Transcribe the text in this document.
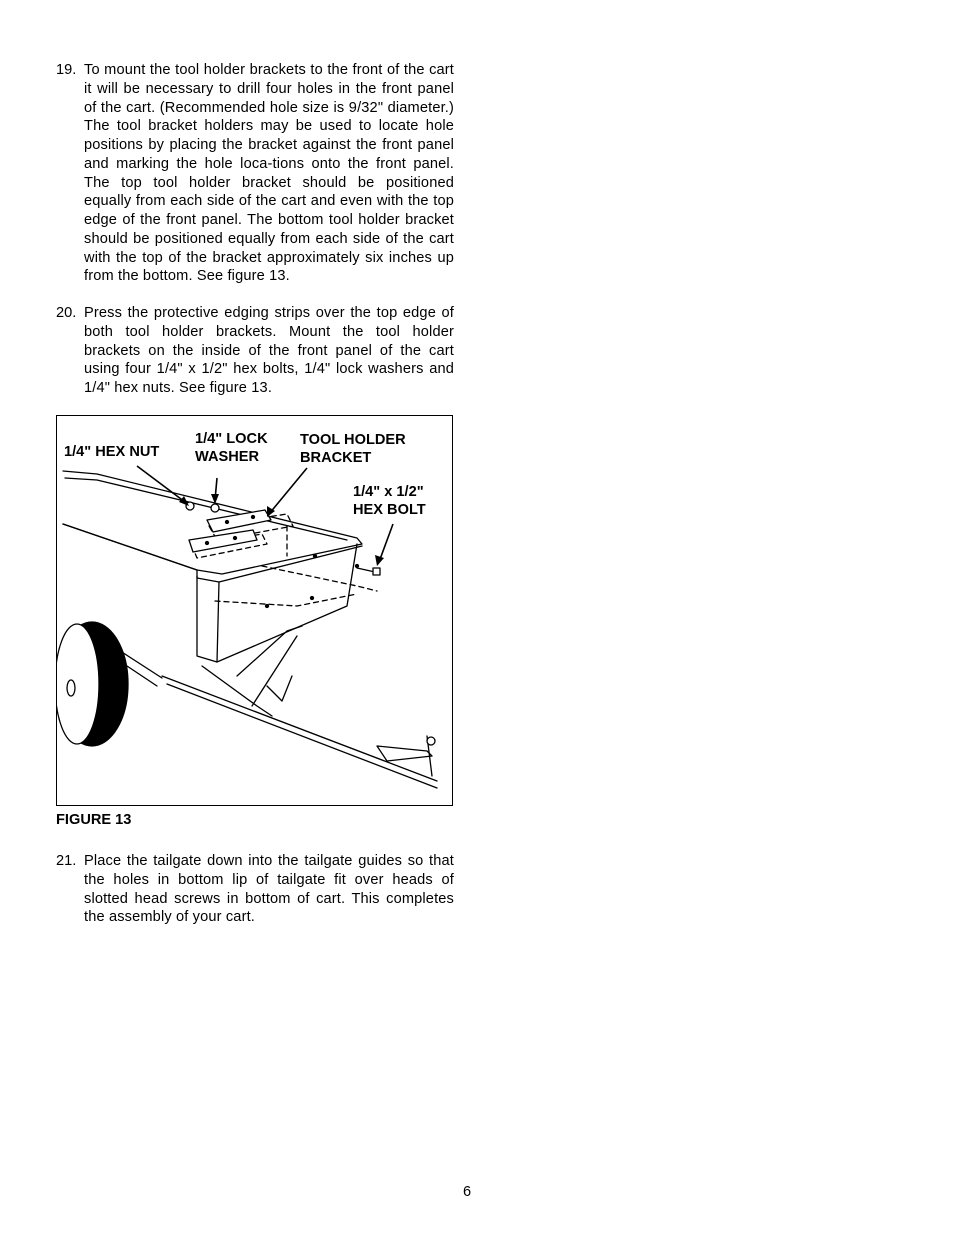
19. To mount the tool holder brackets to the front of the cart it will be necessary to drill four holes in the front panel of the cart. (Recommended hole size is 9/32" diameter.) The tool bracket holders may be used to locate hole positions by placing the bracket against the front panel and marking the hole loca-tions onto the front panel. The top tool holder bracket should be positioned equally from each side of the cart and even with the top edge of the front panel. The bottom tool holder bracket should be positioned equally from each side of the cart with the top of the bracket approximately six inches up from the bottom. See figure 13.
20. Press the protective edging strips over the top edge of both tool holder brackets. Mount the tool holder brackets on the inside of the front panel of the cart using four 1/4" x 1/2" hex bolts, 1/4" lock washers and 1/4" hex nuts. See figure 13.
1/4" HEX NUT
1/4" LOCK
WASHER
TOOL HOLDER
BRACKET
1/4" x 1/2"
HEX BOLT
FIGURE 13
21. Place the tailgate down into the tailgate guides so that the holes in bottom lip of tailgate fit over heads of slotted head screws in bottom of cart. This completes the assembly of your cart.
6
